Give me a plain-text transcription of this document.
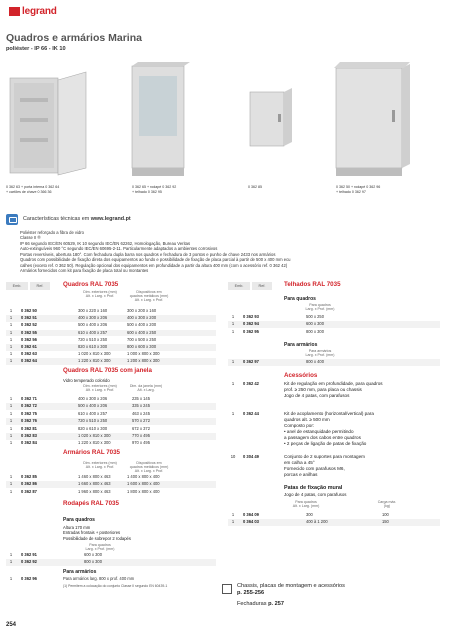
legrand
Quadros e armários Marina
poliéster - IP 66 - IK 10
0 362 63 + porta interna 0 362 64
+ cartões de chave 0 366 36
0 362 65 + rodapé 0 362 92
+ telhado 0 362 95
0 362 85	0 362 50 + rodapé 0 362 96
+ telhado 0 362 97
Características técnicas em www.legrand.pt
Poliéster reforçado a fibra de vidro
Classe II ®
IP 66 segundo IEC/EN 60529, IK 10 segundo IEC/EN 62262, Homologação, Bureau Veritas
Auto-extinguíveis 960 °C segundo IEC/EN 60695-2-11. Particularmente adaptados a ambientes corrosivos
Portas reversíveis, abertura 180°. Com fechadura dupla barra nos quadros e fechadura de 3 pontos e punho de chave 2433 nos armários
Quadros com possibilidade de fixação direta dos equipamentos ao fundo e possibilidade de fixação de placa parcial à partir de 500 x 400 mm ecu
calhes (exceto ref. 0 362 50). Regulação opcional dos equipamentos em profundidade a partir da altura 400 mm (com o acessório ref. 0 362 42)
Armários fornecidos com kit para fixação de placa total ou montantes
Emb.	Ref.	Quadros RAL 7035
Dim. exteriores (mm)
Alt. x Larg. x Prof.
Dispositivos em
quadros metálicos (mm)
Alt. x Larg. x Prof.
1	0 362 50	300 x 220 x 160	300 x 200 x 160
1	0 362 51	400 x 300 x 206	400 x 300 x 200
1	0 362 52	500 x 400 x 206	500 x 400 x 200
1	0 362 55	610 x 400 x 257	600 x 400 x 250
1	0 362 56	720 x 510 x 250	700 x 500 x 250
1	0 362 61	820 x 610 x 300	800 x 600 x 300
1	0 362 63	1 020 x 810 x 300	1 000 x 800 x 300
1	0 362 64	1 220 x 810 x 300	1 200 x 800 x 300
Quadros RAL 7035 com janela
Vidro temperado colorido
Dim. exteriores (mm)
Alt. x Larg. x Prof.
Dim. da janela (mm)
Alt. x Larg.
1	0 362 71	400 x 300 x 206	235 x 145
1	0 362 72	500 x 400 x 206	335 x 245
1	0 362 75	610 x 400 x 257	463 x 245
1	0 362 76	720 x 510 x 250	570 x 272
1	0 362 81	820 x 610 x 300	672 x 372
1	0 362 83	1 020 x 810 x 300	770 x 495
1	0 362 84	1 220 x 810 x 300	970 x 495
Armários RAL 7035
Dim. exteriores (mm)
Alt. x Larg. x Prof.
Dispositivos em
quadros metálicos (mm)
Alt. x Larg. x Prof.
1	0 362 85	1 460 x 800 x 463	1 400 x 800 x 400
1	0 362 86	1 660 x 800 x 463	1 600 x 800 x 400
1	0 362 87	1 960 x 800 x 463	1 800 x 800 x 400
Rodapés RAL 7035
Para quadros
Altura 170 mm
Entradas frontais + posteriores
Possibilidade de sobrepor 2 rodapés
Para quadros
Larg. x Prof. (mm)
1	0 362 91	600 x 300
1	0 362 92	800 x 300
Para armários
1	0 362 96	Para armários larg. 800 x prof. 400 mm
(1) Permitem a colocação do conjunto Classe II segundo EN 60439-1
Emb.	Ref.	Telhados RAL 7035
Para quadros
Para quadros
Larg. x Prof. (mm)
1	0 362 93	500 x 250
1	0 362 94	600 x 300
1	0 362 95	800 x 300
Para armários
Para armários
Larg. x Prof. (mm)
1	0 362 97	800 x 400
Acessórios
1	0 362 42	Kit de regulação em profundidade, para quadros
prof. ≥ 250 mm, para placa ou chassis
Jogo de 4 patas, com parafusos
1	0 362 44	Kit de acoplamento (horizontal/vertical) para
quadros alt. ≥ 500 mm
Composto por:
• anel de estanquidade permitindo
a passagem dos cabos entre quadros
• 2 peças de ligação de patas de fixação
10	0 304 49	Conjunto de 2 suportes para montagem
em calha a 45°
Fornecido com parafusos M6,
porcas e anilhas
Patas de fixação mural
Jogo de 4 patas, com parafusos
Para quadros
Alt. x Larg. (mm)
Carga máx.
(kg)
1	0 364 09	300	100
1	0 364 03	400 à 1 200	150
Chassis, placas de montagem e acessórios
p. 255-256
Fechaduras p. 257
254
